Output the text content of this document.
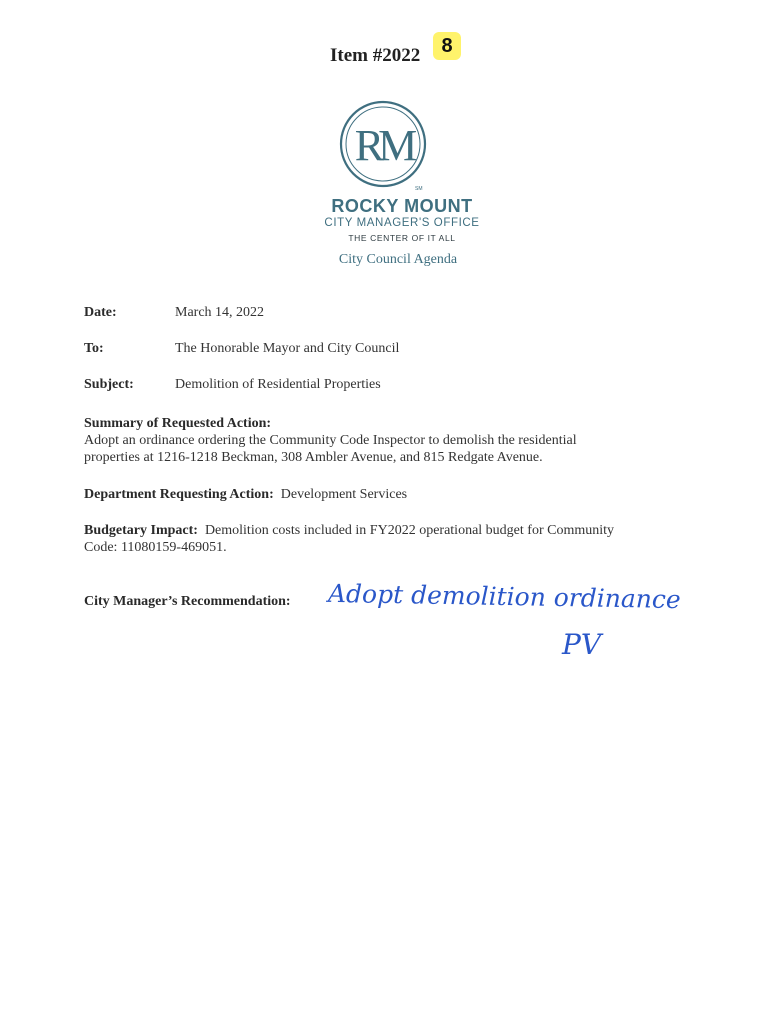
Item #2022	8
RM
SM
ROCKY MOUNT
CITY MANAGER'S OFFICE
THE CENTER OF IT ALL
City Council Agenda
Date:	March 14, 2022
To:	The Honorable Mayor and City Council
Subject:	Demolition of Residential Properties
Summary of Requested Action:
Adopt an ordinance ordering the Community Code Inspector to demolish the residential
properties at 1216-1218 Beckman, 308 Ambler Avenue, and 815 Redgate Avenue.
Department Requesting Action: Development Services
Budgetary Impact: Demolition costs included in FY2022 operational budget for Community
Code: 11080159-469051.
City Manager’s Recommendation: Adopt demolition ordinance
PV
